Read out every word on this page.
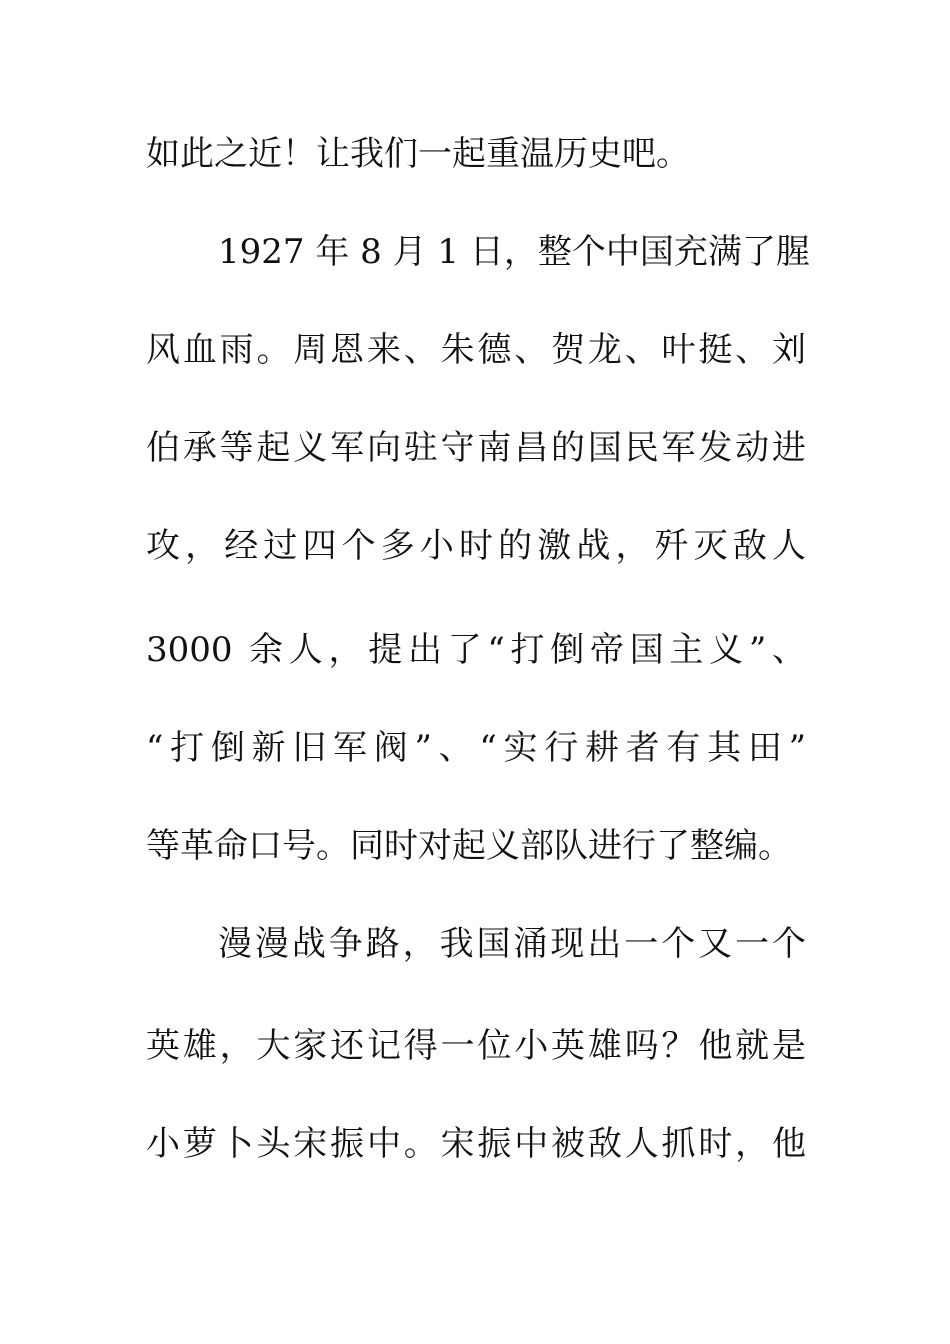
如此之近！让我们一起重温历史吧。
1927 年 8 月 1 日，整个中国充满了腥
风血雨。周恩来、朱德、贺龙、叶挺、刘
伯承等起义军向驻守南昌的国民军发动进
攻，经过四个多小时的激战，歼灭敌人
3000 余人，提出了“打倒帝国主义”、
“打倒新旧军阀”、“实行耕者有其田”
等革命口号。同时对起义部队进行了整编。
漫漫战争路，我国涌现出一个又一个
英雄，大家还记得一位小英雄吗？他就是
小萝卜头宋振中。宋振中被敌人抓时，他
